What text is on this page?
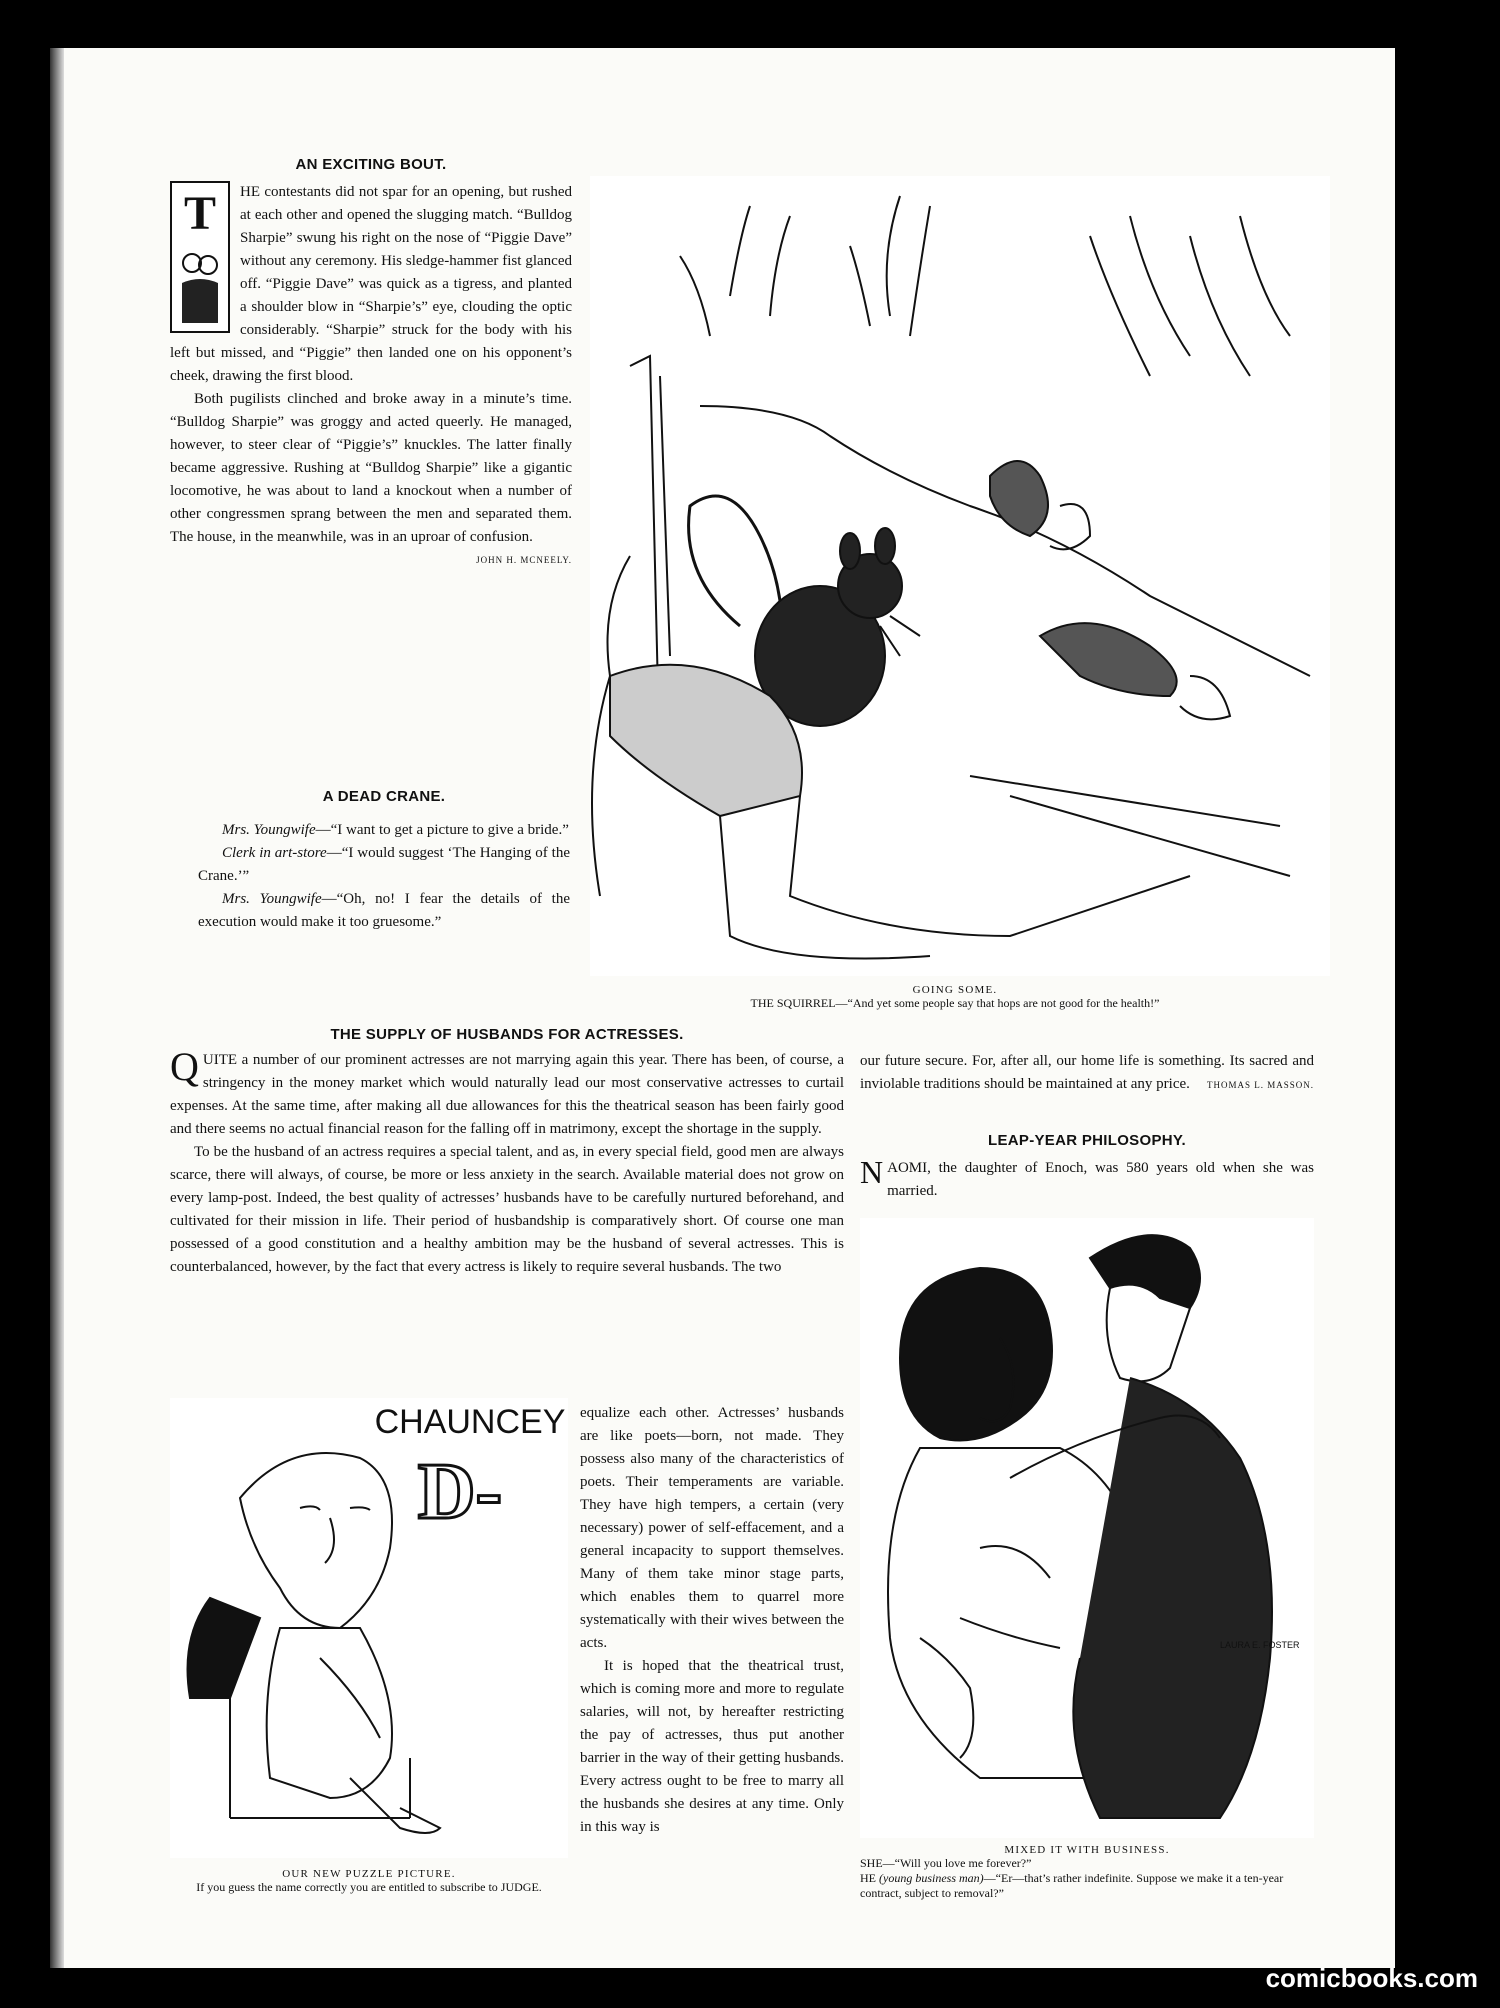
AN EXCITING BOUT.
T	HE contestants did not spar for an opening, but rushed at each other and opened the slugging match. “Bulldog Sharpie” swung his right on the nose of “Piggie Dave” without any ceremony. His sledge-hammer fist glanced off. “Piggie Dave” was quick as a tigress, and planted a shoulder blow in “Sharpie’s” eye, clouding the optic considerably. “Sharpie” struck for the body with his left but missed, and “Piggie” then landed one on his opponent’s cheek, drawing the first blood.

Both pugilists clinched and broke away in a minute’s time. “Bulldog Sharpie” was groggy and acted queerly. He managed, however, to steer clear of “Piggie’s” knuckles. The latter finally became aggressive. Rushing at “Bulldog Sharpie” like a gigantic locomotive, he was about to land a knockout when a number of other congressmen sprang between the men and separated them. The house, in the meanwhile, was in an uproar of confusion.

JOHN H. MCNEELY.
A DEAD CRANE.

Mrs. Youngwife—“I want to get a picture to give a bride.”

Clerk in art-store—“I would suggest ‘The Hanging of the Crane.’”

Mrs. Youngwife—“Oh, no! I fear the details of the execution would make it too gruesome.”

GOING SOME.
THE SQUIRREL—“And yet some people say that hops are not good for the health!”
THE SUPPLY OF HUSBANDS FOR ACTRESSES.
Q UITE a number of our prominent actresses are not marrying again this year. There has been, of course, a stringency in the money market which would naturally lead our most conservative actresses to curtail expenses. At the same time, after making all due allowances for this the theatrical season has been fairly good and there seems no actual financial reason for the falling off in matrimony, except the shortage in the supply.

To be the husband of an actress requires a special talent, and as, in every special field, good men are always scarce, there will always, of course, be more or less anxiety in the search. Available material does not grow on every lamp-post. Indeed, the best quality of actresses’ husbands have to be carefully nurtured beforehand, and cultivated for their mission in life. Their period of husbandship is comparatively short. Of course one man possessed of a good constitution and a healthy ambition may be the husband of several actresses. This is counterbalanced, however, by the fact that every actress is likely to require several husbands. The two

CHAUNCEY
D-
OUR NEW PUZZLE PICTURE.
If you guess the name correctly you are entitled to subscribe to JUDGE.

equalize each other. Actresses’ husbands are like poets—born, not made. They possess also many of the characteristics of poets. Their temperaments are variable. They have high tempers, a certain (very necessary) power of self-effacement, and a general incapacity to support themselves. Many of them take minor stage parts, which enables them to quarrel more systematically with their wives between the acts.

It is hoped that the theatrical trust, which is coming more and more to regulate salaries, will not, by hereafter restricting the pay of actresses, thus put another barrier in the way of their getting husbands. Every actress ought to be free to marry all the husbands she desires at any time. Only in this way is

our future secure. For, after all, our home life is something. Its sacred and inviolable traditions should be maintained at any price.	THOMAS L. MASSON.
LEAP-YEAR PHILOSOPHY.
N AOMI, the daughter of Enoch, was 580 years old when she was married.

LAURA E. FOSTER
MIXED IT WITH BUSINESS.
SHE—“Will you love me forever?”
HE (young business man)—“Er—that’s rather indefinite. Suppose we make it a ten-year contract, subject to removal?”
comicbooks.com
